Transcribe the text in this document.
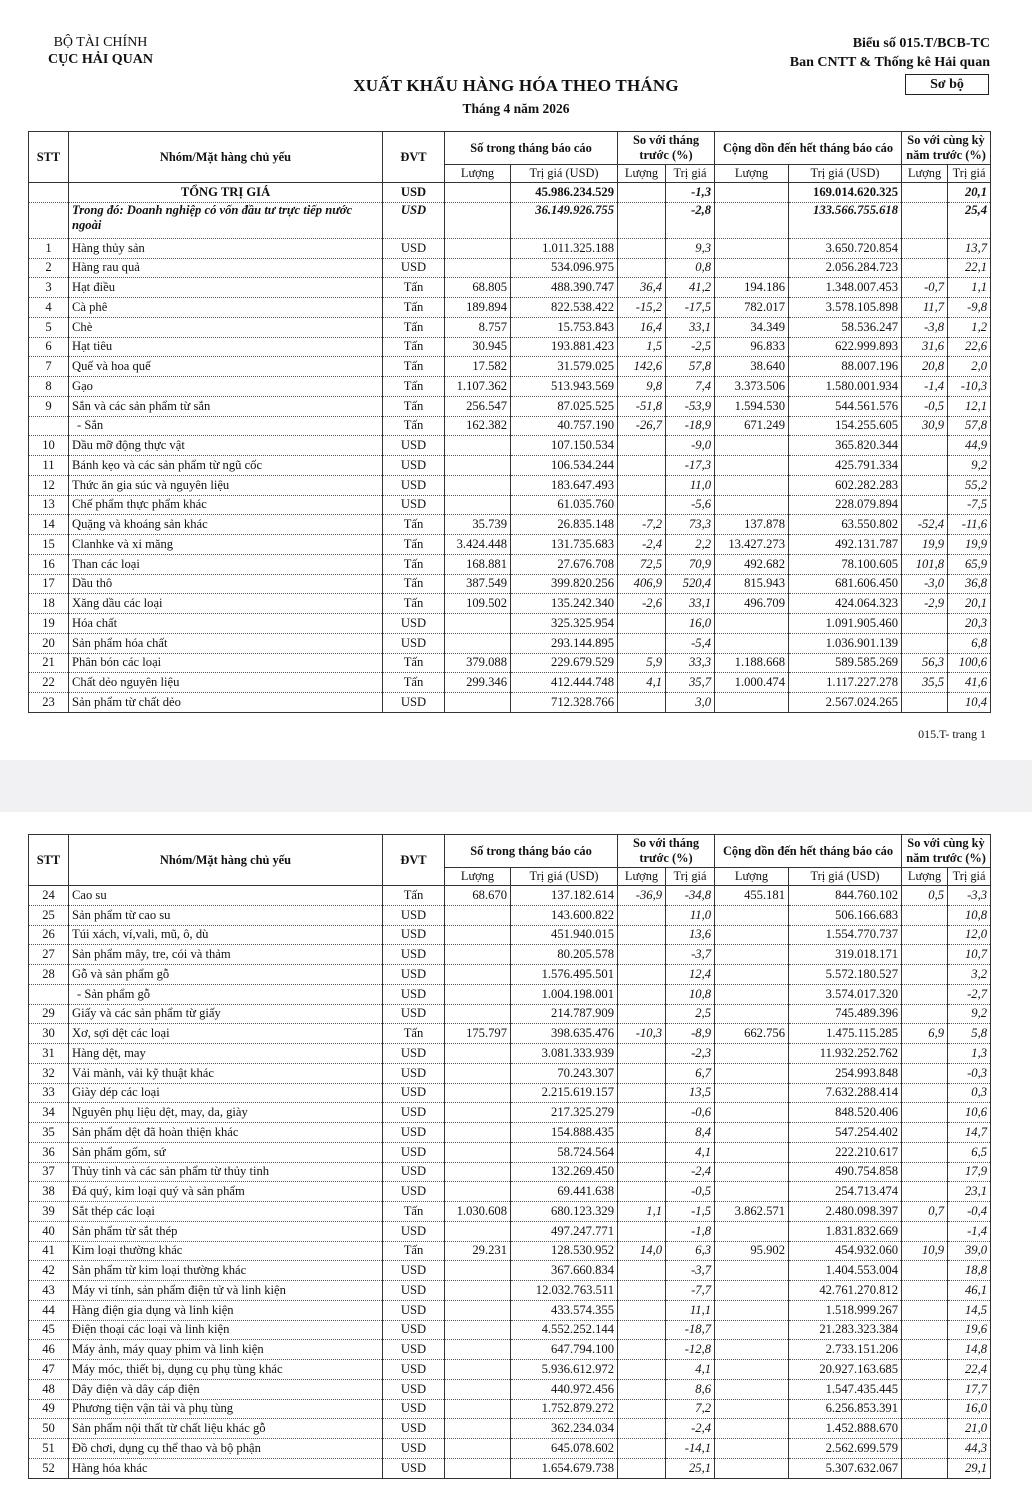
BỘ TÀI CHÍNH
CỤC HẢI QUAN
Biểu số 015.T/BCB-TC
Ban CNTT & Thống kê Hải quan
XUẤT KHẨU HÀNG HÓA THEO THÁNG	Sơ bộ
Tháng 4 năm 2026
STT	Nhóm/Mặt hàng chủ yếu	ĐVT	Số trong tháng báo cáo		So với tháng trước (%)		Cộng dồn đến hết tháng báo cáo		So với cùng kỳ năm trước (%)	
			Lượng	Trị giá (USD)	Lượng	Trị giá	Lượng	Trị giá (USD)	Lượng	Trị giá
	TỔNG TRỊ GIÁ	USD		45.986.234.529		-1,3		169.014.620.325		20,1
	Trong đó: Doanh nghiệp có vốn đầu tư trực tiếp nước ngoài	USD		36.149.926.755		-2,8		133.566.755.618		25,4
1	Hàng thủy sản	USD		1.011.325.188		9,3		3.650.720.854		13,7
2	Hàng rau quả	USD		534.096.975		0,8		2.056.284.723		22,1
3	Hạt điều	Tấn	68.805	488.390.747	36,4	41,2	194.186	1.348.007.453	-0,7	1,1
4	Cà phê	Tấn	189.894	822.538.422	-15,2	-17,5	782.017	3.578.105.898	11,7	-9,8
5	Chè	Tấn	8.757	15.753.843	16,4	33,1	34.349	58.536.247	-3,8	1,2
6	Hạt tiêu	Tấn	30.945	193.881.423	1,5	-2,5	96.833	622.999.893	31,6	22,6
7	Quế và hoa quế	Tấn	17.582	31.579.025	142,6	57,8	38.640	88.007.196	20,8	2,0
8	Gạo	Tấn	1.107.362	513.943.569	9,8	7,4	3.373.506	1.580.001.934	-1,4	-10,3
9	Sắn và các sản phẩm từ sắn	Tấn	256.547	87.025.525	-51,8	-53,9	1.594.530	544.561.576	-0,5	12,1
	- Sắn	Tấn	162.382	40.757.190	-26,7	-18,9	671.249	154.255.605	30,9	57,8
10	Dầu mỡ động thực vật	USD		107.150.534		-9,0		365.820.344		44,9
11	Bánh kẹo và các sản phẩm từ ngũ cốc	USD		106.534.244		-17,3		425.791.334		9,2
12	Thức ăn gia súc và nguyên liệu	USD		183.647.493		11,0		602.282.283		55,2
13	Chế phẩm thực phẩm khác	USD		61.035.760		-5,6		228.079.894		-7,5
14	Quặng và khoáng sản khác	Tấn	35.739	26.835.148	-7,2	73,3	137.878	63.550.802	-52,4	-11,6
15	Clanhke và xi măng	Tấn	3.424.448	131.735.683	-2,4	2,2	13.427.273	492.131.787	19,9	19,9
16	Than các loại	Tấn	168.881	27.676.708	72,5	70,9	492.682	78.100.605	101,8	65,9
17	Dầu thô	Tấn	387.549	399.820.256	406,9	520,4	815.943	681.606.450	-3,0	36,8
18	Xăng dầu các loại	Tấn	109.502	135.242.340	-2,6	33,1	496.709	424.064.323	-2,9	20,1
19	Hóa chất	USD		325.325.954		16,0		1.091.905.460		20,3
20	Sản phẩm hóa chất	USD		293.144.895		-5,4		1.036.901.139		6,8
21	Phân bón các loại	Tấn	379.088	229.679.529	5,9	33,3	1.188.668	589.585.269	56,3	100,6
22	Chất dẻo nguyên liệu	Tấn	299.346	412.444.748	4,1	35,7	1.000.474	1.117.227.278	35,5	41,6
23	Sản phẩm từ chất dẻo	USD		712.328.766		3,0		2.567.024.265		10,4
015.T- trang 1
STT	Nhóm/Mặt hàng chủ yếu	ĐVT	Số trong tháng báo cáo		So với tháng trước (%)		Cộng dồn đến hết tháng báo cáo		So với cùng kỳ năm trước (%)	
			Lượng	Trị giá (USD)	Lượng	Trị giá	Lượng	Trị giá (USD)	Lượng	Trị giá
24	Cao su	Tấn	68.670	137.182.614	-36,9	-34,8	455.181	844.760.102	0,5	-3,3
25	Sản phẩm từ cao su	USD		143.600.822		11,0		506.166.683		10,8
26	Túi xách, ví,vali, mũ, ô, dù	USD		451.940.015		13,6		1.554.770.737		12,0
27	Sản phẩm mây, tre, cói và thảm	USD		80.205.578		-3,7		319.018.171		10,7
28	Gỗ và sản phẩm gỗ	USD		1.576.495.501		12,4		5.572.180.527		3,2
	- Sản phẩm gỗ	USD		1.004.198.001		10,8		3.574.017.320		-2,7
29	Giấy và các sản phẩm từ giấy	USD		214.787.909		2,5		745.489.396		9,2
30	Xơ, sợi dệt các loại	Tấn	175.797	398.635.476	-10,3	-8,9	662.756	1.475.115.285	6,9	5,8
31	Hàng dệt, may	USD		3.081.333.939		-2,3		11.932.252.762		1,3
32	Vải mành, vải kỹ thuật khác	USD		70.243.307		6,7		254.993.848		-0,3
33	Giày dép các loại	USD		2.215.619.157		13,5		7.632.288.414		0,3
34	Nguyên phụ liệu dệt, may, da, giày	USD		217.325.279		-0,6		848.520.406		10,6
35	Sản phẩm dệt đã hoàn thiện khác	USD		154.888.435		8,4		547.254.402		14,7
36	Sản phẩm gốm, sứ	USD		58.724.564		4,1		222.210.617		6,5
37	Thủy tinh và các sản phẩm từ thủy tinh	USD		132.269.450		-2,4		490.754.858		17,9
38	Đá quý, kim loại quý và sản phẩm	USD		69.441.638		-0,5		254.713.474		23,1
39	Sắt thép các loại	Tấn	1.030.608	680.123.329	1,1	-1,5	3.862.571	2.480.098.397	0,7	-0,4
40	Sản phẩm từ sắt thép	USD		497.247.771		-1,8		1.831.832.669		-1,4
41	Kim loại thường khác	Tấn	29.231	128.530.952	14,0	6,3	95.902	454.932.060	10,9	39,0
42	Sản phẩm từ kim loại thường khác	USD		367.660.834		-3,7		1.404.553.004		18,8
43	Máy vi tính, sản phẩm điện tử và linh kiện	USD		12.032.763.511		-7,7		42.761.270.812		46,1
44	Hàng điện gia dụng và linh kiện	USD		433.574.355		11,1		1.518.999.267		14,5
45	Điện thoại các loại và linh kiện	USD		4.552.252.144		-18,7		21.283.323.384		19,6
46	Máy ảnh, máy quay phim và linh kiện	USD		647.794.100		-12,8		2.733.151.206		14,8
47	Máy móc, thiết bị, dụng cụ phụ tùng khác	USD		5.936.612.972		4,1		20.927.163.685		22,4
48	Dây điện và dây cáp điện	USD		440.972.456		8,6		1.547.435.445		17,7
49	Phương tiện vận tải và phụ tùng	USD		1.752.879.272		7,2		6.256.853.391		16,0
50	Sản phẩm nội thất từ chất liệu khác gỗ	USD		362.234.034		-2,4		1.452.888.670		21,0
51	Đồ chơi, dụng cụ thể thao và bộ phận	USD		645.078.602		-14,1		2.562.699.579		44,3
52	Hàng hóa khác	USD		1.654.679.738		25,1		5.307.632.067		29,1
